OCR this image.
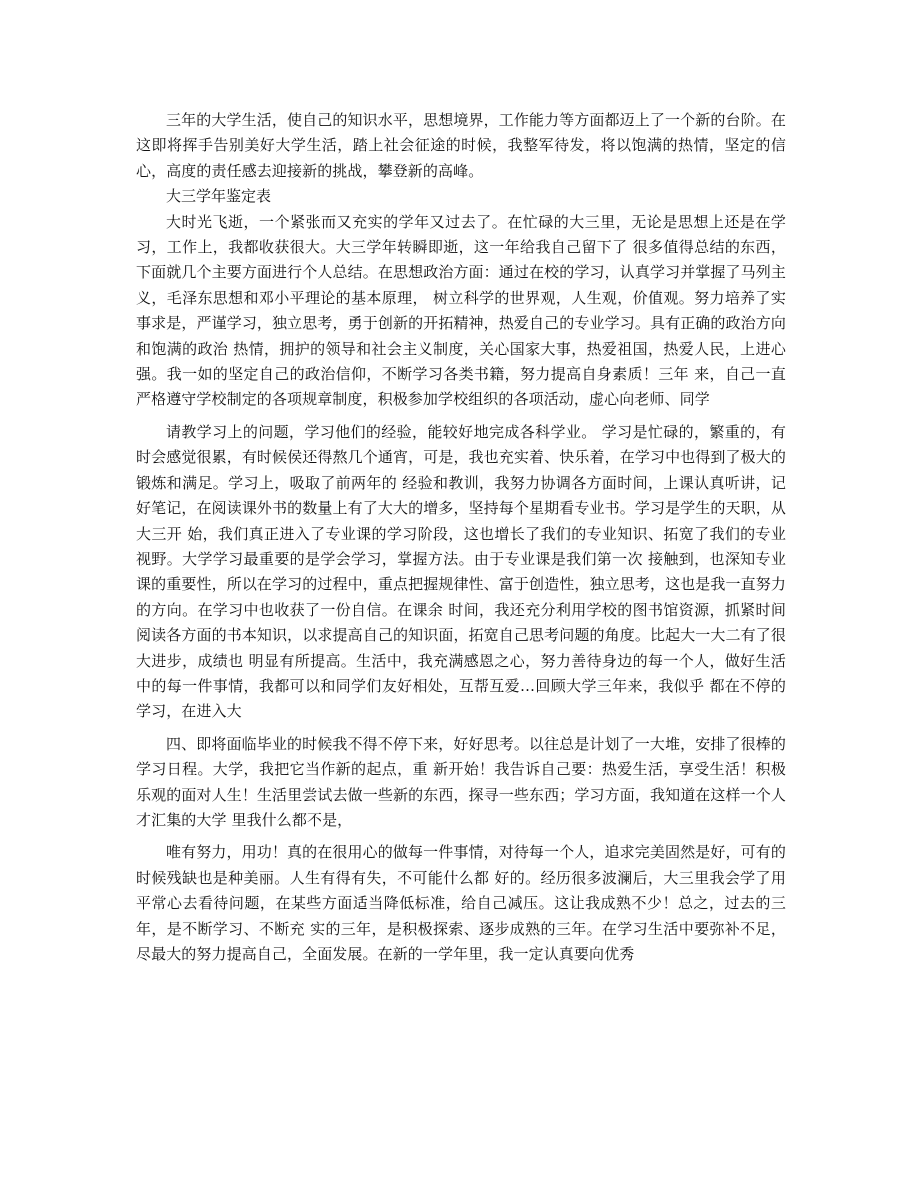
三年的大学生活，使自己的知识水平，思想境界，工作能力等方面都迈上了一个新的台阶。在这即将挥手告别美好大学生活，踏上社会征途的时候，我整军待发，将以饱满的热情，坚定的信心，高度的责任感去迎接新的挑战，攀登新的高峰。

大三学年鉴定表

大时光飞逝，一个紧张而又充实的学年又过去了。在忙碌的大三里，无论是思想上还是在学习，工作上，我都收获很大。大三学年转瞬即逝，这一年给我自己留下了 很多值得总结的东西，下面就几个主要方面进行个人总结。在思想政治方面：通过在校的学习，认真学习并掌握了马列主义，毛泽东思想和邓小平理论的基本原理， 树立科学的世界观，人生观，价值观。努力培养了实事求是，严谨学习，独立思考，勇于创新的开拓精神，热爱自己的专业学习。具有正确的政治方向和饱满的政治 热情，拥护的领导和社会主义制度，关心国家大事，热爱祖国，热爱人民，上进心强。我一如的坚定自己的政治信仰，不断学习各类书籍，努力提高自身素质！三年 来，自己一直严格遵守学校制定的各项规章制度，积极参加学校组织的各项活动，虚心向老师、同学

请教学习上的问题，学习他们的经验，能较好地完成各科学业。 学习是忙碌的，繁重的，有时会感觉很累，有时候侯还得熬几个通宵，可是，我也充实着、快乐着，在学习中也得到了极大的锻炼和满足。学习上，吸取了前两年的 经验和教训，我努力协调各方面时间，上课认真听讲，记好笔记，在阅读课外书的数量上有了大大的增多，坚持每个星期看专业书。学习是学生的天职，从大三开 始，我们真正进入了专业课的学习阶段，这也增长了我们的专业知识、拓宽了我们的专业视野。大学学习最重要的是学会学习，掌握方法。由于专业课是我们第一次 接触到，也深知专业课的重要性，所以在学习的过程中，重点把握规律性、富于创造性，独立思考，这也是我一直努力的方向。在学习中也收获了一份自信。在课余 时间，我还充分利用学校的图书馆资源，抓紧时间阅读各方面的书本知识，以求提高自己的知识面，拓宽自己思考问题的角度。比起大一大二有了很大进步，成绩也 明显有所提高。生活中，我充满感恩之心，努力善待身边的每一个人，做好生活中的每一件事情，我都可以和同学们友好相处，互帮互爱…回顾大学三年来，我似乎 都在不停的学习，在进入大

四、即将面临毕业的时候我不得不停下来，好好思考。以往总是计划了一大堆，安排了很棒的学习日程。大学，我把它当作新的起点，重 新开始！我告诉自己要：热爱生活，享受生活！积极乐观的面对人生！生活里尝试去做一些新的东西，探寻一些东西；学习方面，我知道在这样一个人才汇集的大学 里我什么都不是，

唯有努力，用功！真的在很用心的做每一件事情，对待每一个人，追求完美固然是好，可有的时候残缺也是种美丽。人生有得有失，不可能什么都 好的。经历很多波澜后，大三里我会学了用平常心去看待问题，在某些方面适当降低标准，给自己减压。这让我成熟不少！总之，过去的三年，是不断学习、不断充 实的三年，是积极探索、逐步成熟的三年。在学习生活中要弥补不足，尽最大的努力提高自己，全面发展。在新的一学年里，我一定认真要向优秀
